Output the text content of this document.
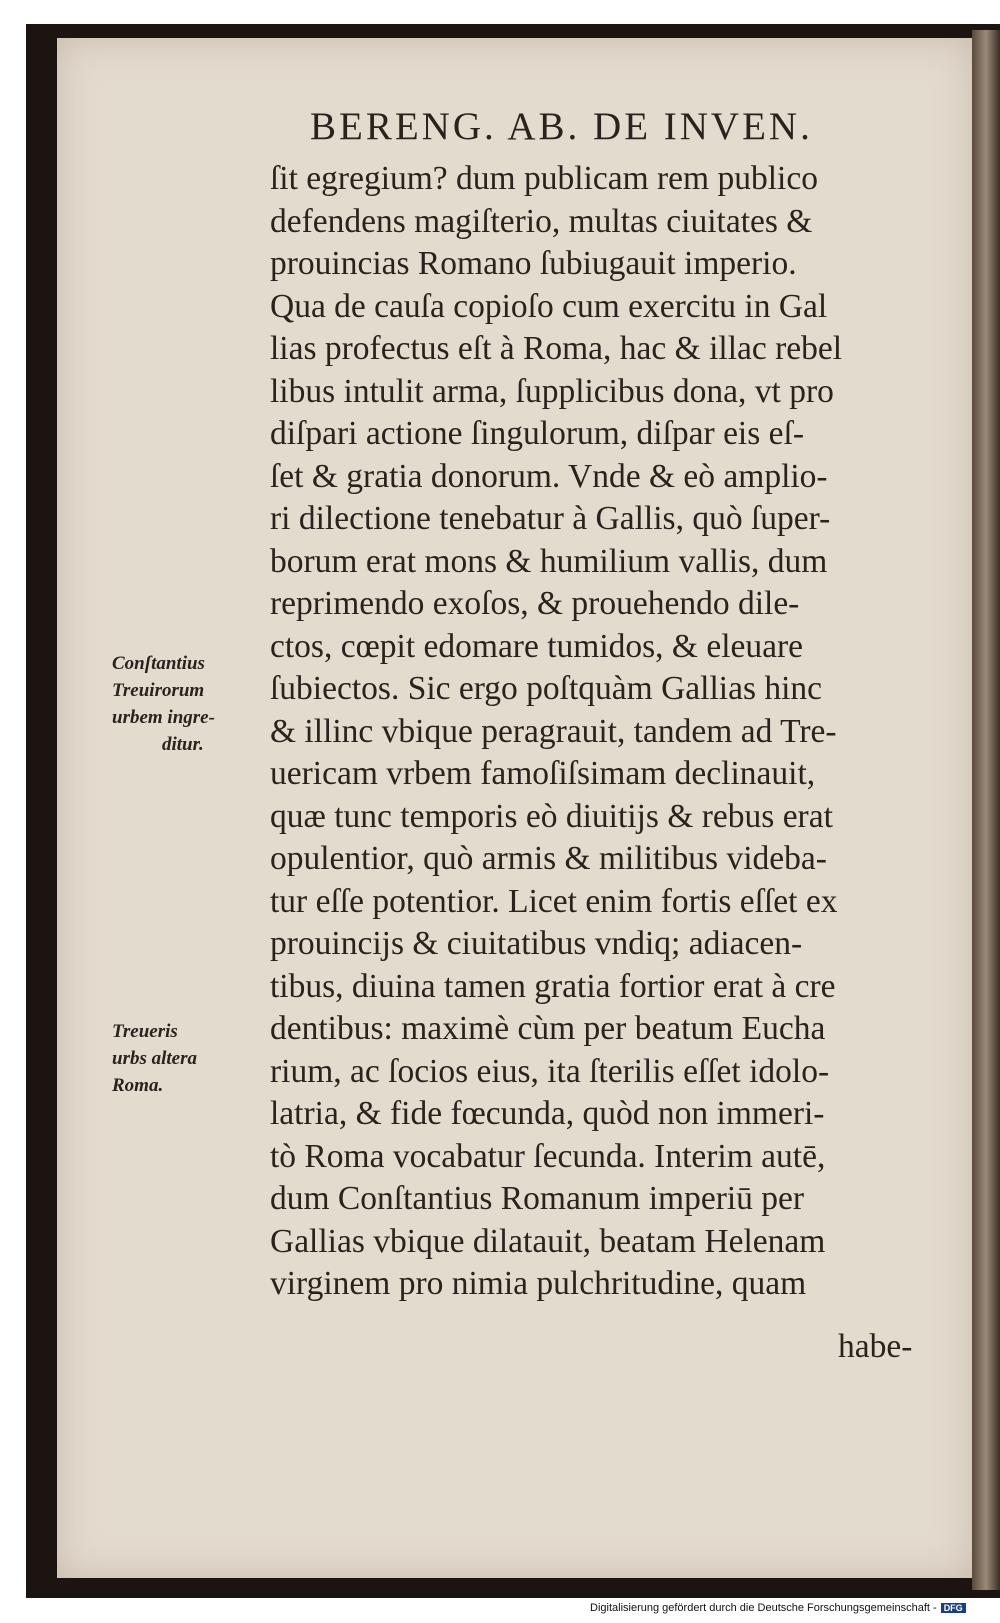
BERENG. AB. DE INVEN.
ſit egregium? dum publicam rem publico
defendens magiſterio, multas ciuitates &
prouincias Romano ſubiugauit imperio.
Qua de cauſa copioſo cum exercitu in Gal
lias profectus eſt à Roma, hac & illac rebel
libus intulit arma, ſupplicibus dona, vt pro
diſpari actione ſingulorum, diſpar eis eſ-
ſet & gratia donorum. Vnde & eò amplio-
ri dilectione tenebatur à Gallis, quò ſuper-
borum erat mons & humilium vallis, dum
reprimendo exoſos, & prouehendo dile-
ctos, cœpit edomare tumidos, & eleuare
ſubiectos. Sic ergo poſtquàm Gallias hinc
& illinc vbique peragrauit, tandem ad Tre-
uericam vrbem famoſiſsimam declinauit,
quæ tunc temporis eò diuitijs & rebus erat
opulentior, quò armis & militibus videba-
tur eſſe potentior. Licet enim fortis eſſet ex
prouincijs & ciuitatibus vndiq; adiacen-
tibus, diuina tamen gratia fortior erat à cre
dentibus: maximè cùm per beatum Eucha
rium, ac ſocios eius, ita ſterilis eſſet idolo-
latria, & fide fœcunda, quòd non immeri-
tò Roma vocabatur ſecunda. Interim autē,
dum Conſtantius Romanum imperiū per
Gallias vbique dilatauit, beatam Helenam
virginem pro nimia pulchritudine, quam
habe-
Conſtantius
Treuirorum
urbem ingre-
ditur.
Treueris
urbs altera
Roma.
Digitalisierung gefördert durch die Deutsche Forschungsgemeinschaft - DFG
